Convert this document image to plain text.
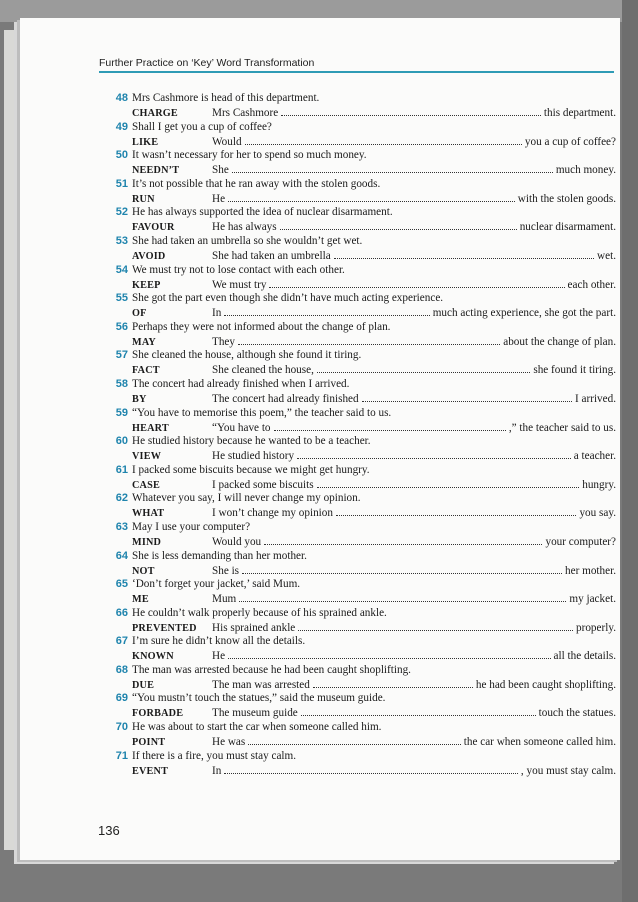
Further Practice on ‘Key’ Word Transformation
48 Mrs Cashmore is head of this department.
CHARGE	Mrs Cashmore	this department.
49 Shall I get you a cup of coffee?
LIKE	Would	you a cup of coffee?
50 It wasn’t necessary for her to spend so much money.
NEEDN’T	She	much money.
51 It’s not possible that he ran away with the stolen goods.
RUN	He	with the stolen goods.
52 He has always supported the idea of nuclear disarmament.
FAVOUR	He has always	nuclear disarmament.
53 She had taken an umbrella so she wouldn’t get wet.
AVOID	She had taken an umbrella	wet.
54 We must try not to lose contact with each other.
KEEP	We must try	each other.
55 She got the part even though she didn’t have much acting experience.
OF	In	much acting experience, she got the part.
56 Perhaps they were not informed about the change of plan.
MAY	They	about the change of plan.
57 She cleaned the house, although she found it tiring.
FACT	She cleaned the house,	she found it tiring.
58 The concert had already finished when I arrived.
BY	The concert had already finished	I arrived.
59 “You have to memorise this poem,” the teacher said to us.
HEART	“You have to	,” the teacher said to us.
60 He studied history because he wanted to be a teacher.
VIEW	He studied history	a teacher.
61 I packed some biscuits because we might get hungry.
CASE	I packed some biscuits	hungry.
62 Whatever you say, I will never change my opinion.
WHAT	I won’t change my opinion	you say.
63 May I use your computer?
MIND	Would you	your computer?
64 She is less demanding than her mother.
NOT	She is	her mother.
65 ‘Don’t forget your jacket,’ said Mum.
ME	Mum	my jacket.
66 He couldn’t walk properly because of his sprained ankle.
PREVENTED	His sprained ankle	properly.
67 I’m sure he didn’t know all the details.
KNOWN	He	all the details.
68 The man was arrested because he had been caught shoplifting.
DUE	The man was arrested	he had been caught shoplifting.
69 “You mustn’t touch the statues,” said the museum guide.
FORBADE	The museum guide	touch the statues.
70 He was about to start the car when someone called him.
POINT	He was	the car when someone called him.
71 If there is a fire, you must stay calm.
EVENT	In	, you must stay calm.
136
